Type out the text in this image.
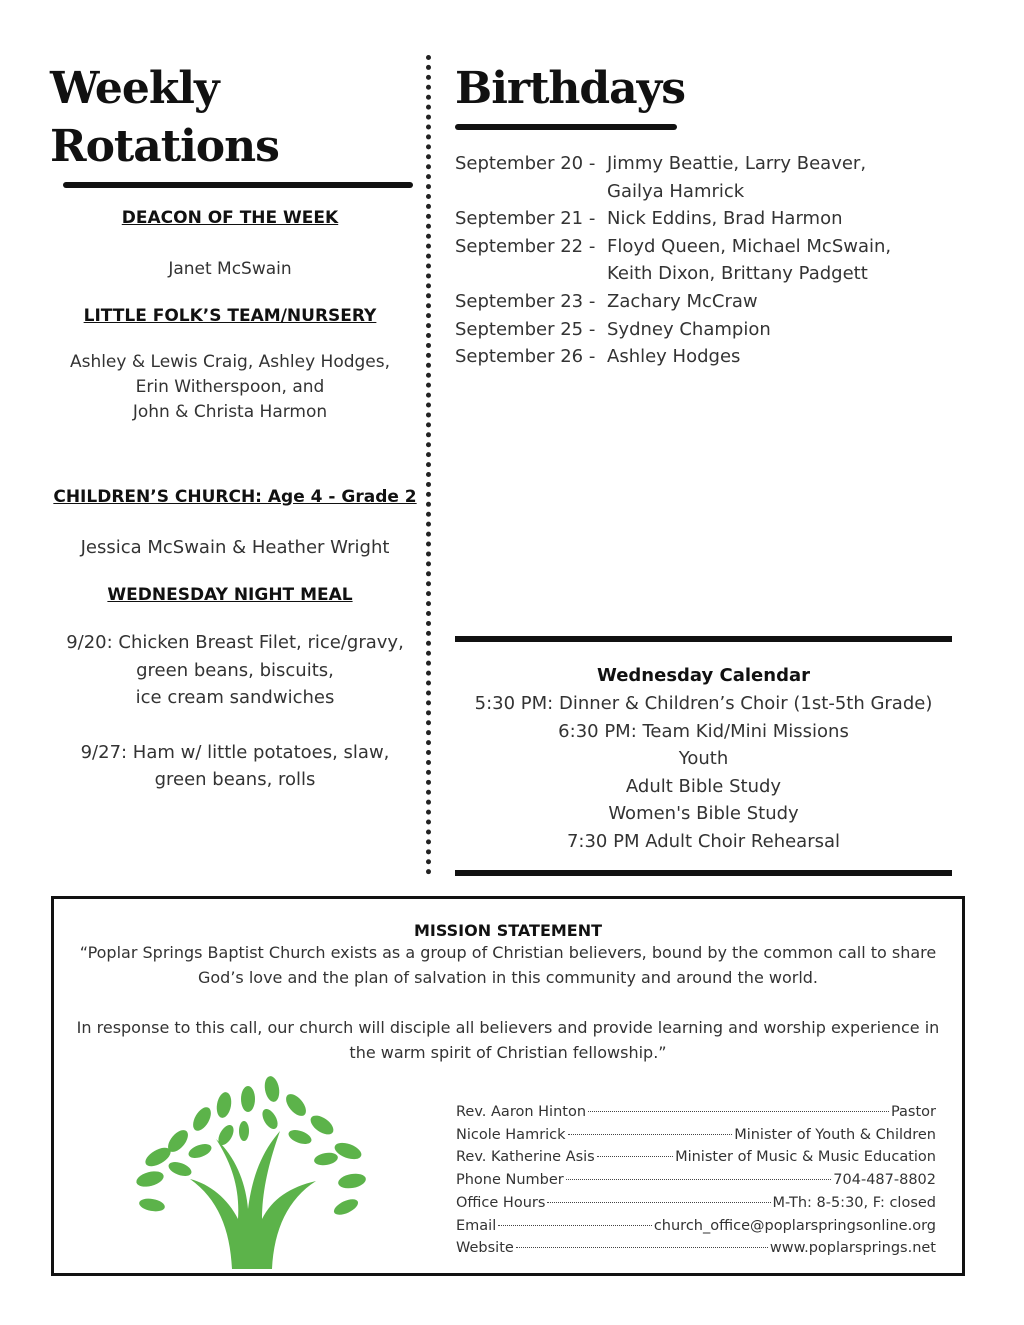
Weekly Rotations

DEACON OF THE WEEK

Janet McSwain

LITTLE FOLK’S TEAM/NURSERY

Ashley & Lewis Craig, Ashley Hodges,

Erin Witherspoon, and

John & Christa Harmon

CHILDREN’S CHURCH: Age 4 - Grade 2

Jessica McSwain & Heather Wright

WEDNESDAY NIGHT MEAL

9/20: Chicken Breast Filet, rice/gravy,

green beans, biscuits,

ice cream sandwiches

9/27: Ham w/ little potatoes, slaw,

green beans, rolls

Birthdays
September 20 - Jimmy Beattie, Larry Beaver,
Gailya Hamrick
September 21 - Nick Eddins, Brad Harmon
September 22 - Floyd Queen, Michael McSwain,
Keith Dixon, Brittany Padgett
September 23 - Zachary McCraw
September 25 - Sydney Champion
September 26 - Ashley Hodges

Wednesday Calendar

5:30 PM: Dinner & Children’s Choir (1st-5th Grade)

6:30 PM: Team Kid/Mini Missions

Youth

Adult Bible Study

Women's Bible Study

7:30 PM Adult Choir Rehearsal

MISSION STATEMENT

“Poplar Springs Baptist Church exists as a group of Christian believers, bound by the common call to share God’s love and the plan of salvation in this community and around the world.

In response to this call, our church will disciple all believers and provide learning and worship experience in the warm spirit of Christian fellowship.”

Rev. Aaron Hinton	Pastor
Nicole Hamrick	Minister of Youth & Children
Rev. Katherine Asis	Minister of Music & Music Education
Phone Number	704-487-8802
Office Hours	M-Th: 8-5:30, F: closed
Email	church_office@poplarspringsonline.org
Website	www.poplarsprings.net
